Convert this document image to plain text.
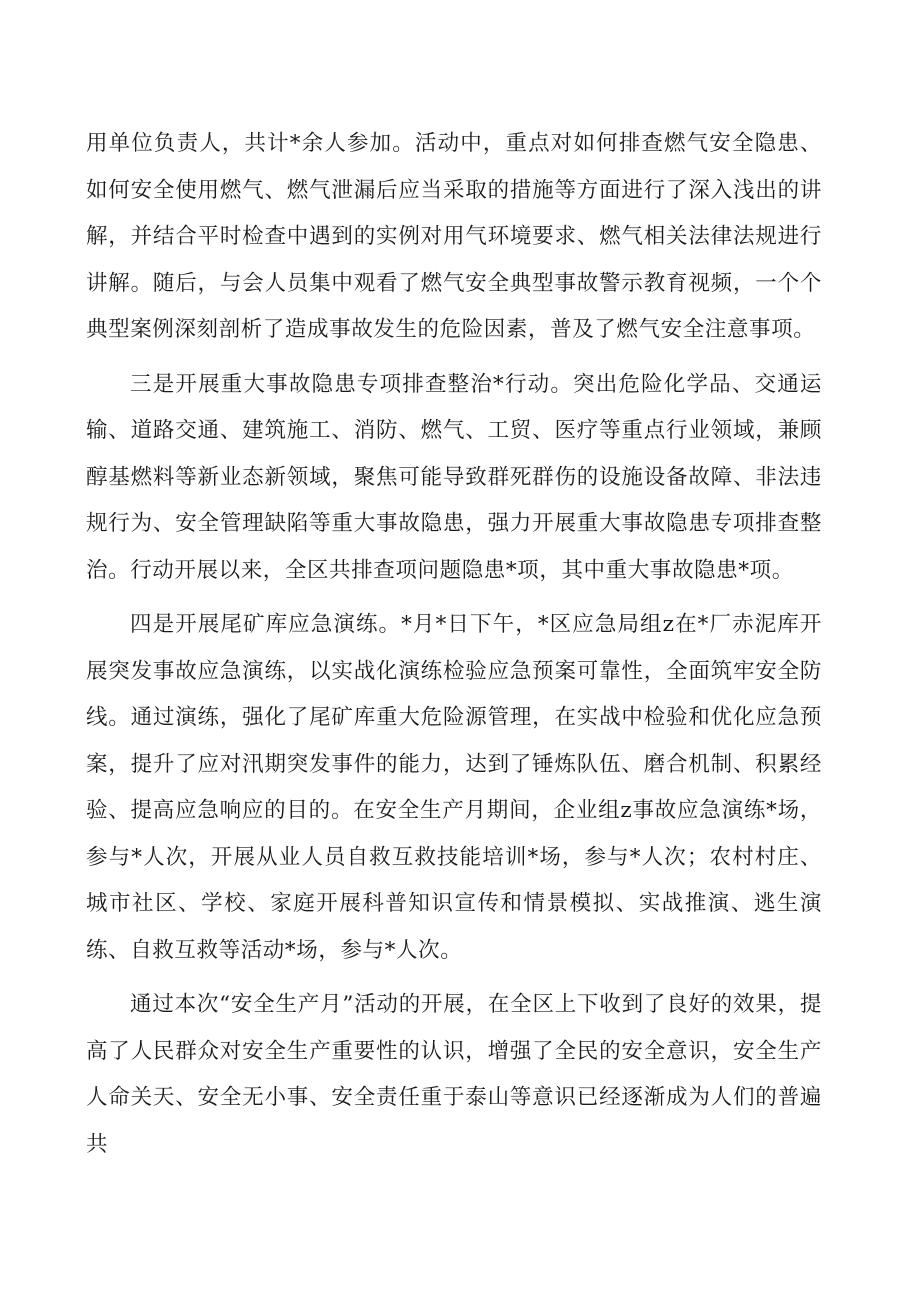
用单位负责人，共计*余人参加。活动中，重点对如何排查燃气安全隐患、如何安全使用燃气、燃气泄漏后应当采取的措施等方面进行了深入浅出的讲解，并结合平时检查中遇到的实例对用气环境要求、燃气相关法律法规进行讲解。随后，与会人员集中观看了燃气安全典型事故警示教育视频，一个个典型案例深刻剖析了造成事故发生的危险因素，普及了燃气安全注意事项。

三是开展重大事故隐患专项排查整治*行动。突出危险化学品、交通运输、道路交通、建筑施工、消防、燃气、工贸、医疗等重点行业领域，兼顾醇基燃料等新业态新领域，聚焦可能导致群死群伤的设施设备故障、非法违规行为、安全管理缺陷等重大事故隐患，强力开展重大事故隐患专项排查整治。行动开展以来，全区共排查项问题隐患*项，其中重大事故隐患*项。

四是开展尾矿库应急演练。*月*日下午，*区应急局组z在*厂赤泥库开展突发事故应急演练，以实战化演练检验应急预案可靠性，全面筑牢安全防线。通过演练，强化了尾矿库重大危险源管理，在实战中检验和优化应急预案，提升了应对汛期突发事件的能力，达到了锤炼队伍、磨合机制、积累经验、提高应急响应的目的。在安全生产月期间，企业组z事故应急演练*场，参与*人次，开展从业人员自救互救技能培训*场，参与*人次；农村村庄、城市社区、学校、家庭开展科普知识宣传和情景模拟、实战推演、逃生演练、自救互救等活动*场，参与*人次。

通过本次“安全生产月”活动的开展，在全区上下收到了良好的效果，提高了人民群众对安全生产重要性的认识，增强了全民的安全意识，安全生产人命关天、安全无小事、安全责任重于泰山等意识已经逐渐成为人们的普遍共
